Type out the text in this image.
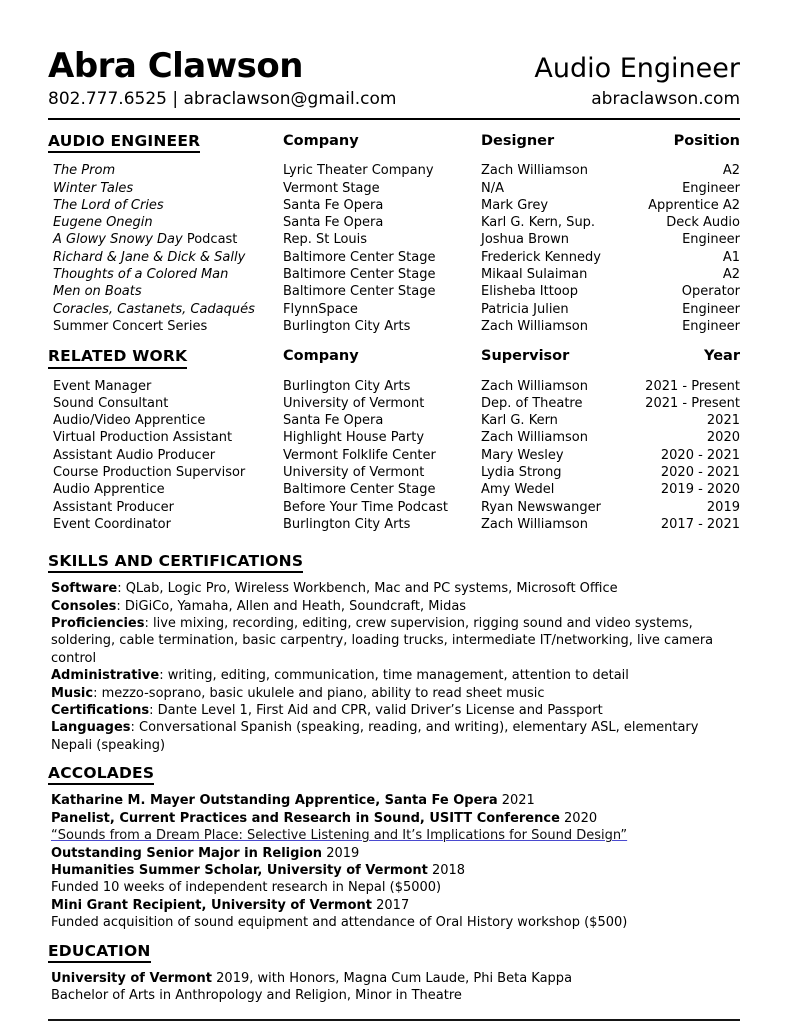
Abra Clawson	Audio Engineer
802.777.6525 | abraclawson@gmail.com	abraclawson.com
AUDIO ENGINEER	Company	Designer	Position
The Prom	Lyric Theater Company	Zach Williamson	A2
Winter Tales	Vermont Stage	N/A	Engineer
The Lord of Cries	Santa Fe Opera	Mark Grey	Apprentice A2
Eugene Onegin	Santa Fe Opera	Karl G. Kern, Sup.	Deck Audio
A Glowy Snowy Day Podcast	Rep. St Louis	Joshua Brown	Engineer
Richard & Jane & Dick & Sally	Baltimore Center Stage	Frederick Kennedy	A1
Thoughts of a Colored Man	Baltimore Center Stage	Mikaal Sulaiman	A2
Men on Boats	Baltimore Center Stage	Elisheba Ittoop	Operator
Coracles, Castanets, Cadaqués	FlynnSpace	Patricia Julien	Engineer
Summer Concert Series	Burlington City Arts	Zach Williamson	Engineer
RELATED WORK	Company	Supervisor	Year
Event Manager	Burlington City Arts	Zach Williamson	2021 - Present
Sound Consultant	University of Vermont	Dep. of Theatre	2021 - Present
Audio/Video Apprentice	Santa Fe Opera	Karl G. Kern	2021
Virtual Production Assistant	Highlight House Party	Zach Williamson	2020
Assistant Audio Producer	Vermont Folklife Center	Mary Wesley	2020 - 2021
Course Production Supervisor	University of Vermont	Lydia Strong	2020 - 2021
Audio Apprentice	Baltimore Center Stage	Amy Wedel	2019 - 2020
Assistant Producer	Before Your Time Podcast	Ryan Newswanger	2019
Event Coordinator	Burlington City Arts	Zach Williamson	2017 - 2021
SKILLS AND CERTIFICATIONS
Software: QLab, Logic Pro, Wireless Workbench, Mac and PC systems, Microsoft Office
Consoles: DiGiCo, Yamaha, Allen and Heath, Soundcraft, Midas
Proficiencies: live mixing, recording, editing, crew supervision, rigging sound and video systems, soldering, cable termination, basic carpentry, loading trucks, intermediate IT/networking, live camera control
Administrative: writing, editing, communication, time management, attention to detail
Music: mezzo-soprano, basic ukulele and piano, ability to read sheet music
Certifications: Dante Level 1, First Aid and CPR, valid Driver’s License and Passport
Languages: Conversational Spanish (speaking, reading, and writing), elementary ASL, elementary Nepali (speaking)
ACCOLADES
Katharine M. Mayer Outstanding Apprentice, Santa Fe Opera 2021
Panelist, Current Practices and Research in Sound, USITT Conference 2020
“Sounds from a Dream Place: Selective Listening and It’s Implications for Sound Design”
Outstanding Senior Major in Religion 2019
Humanities Summer Scholar, University of Vermont 2018
Funded 10 weeks of independent research in Nepal ($5000)
Mini Grant Recipient, University of Vermont 2017
Funded acquisition of sound equipment and attendance of Oral History workshop ($500)
EDUCATION
University of Vermont 2019, with Honors, Magna Cum Laude, Phi Beta Kappa
Bachelor of Arts in Anthropology and Religion, Minor in Theatre
